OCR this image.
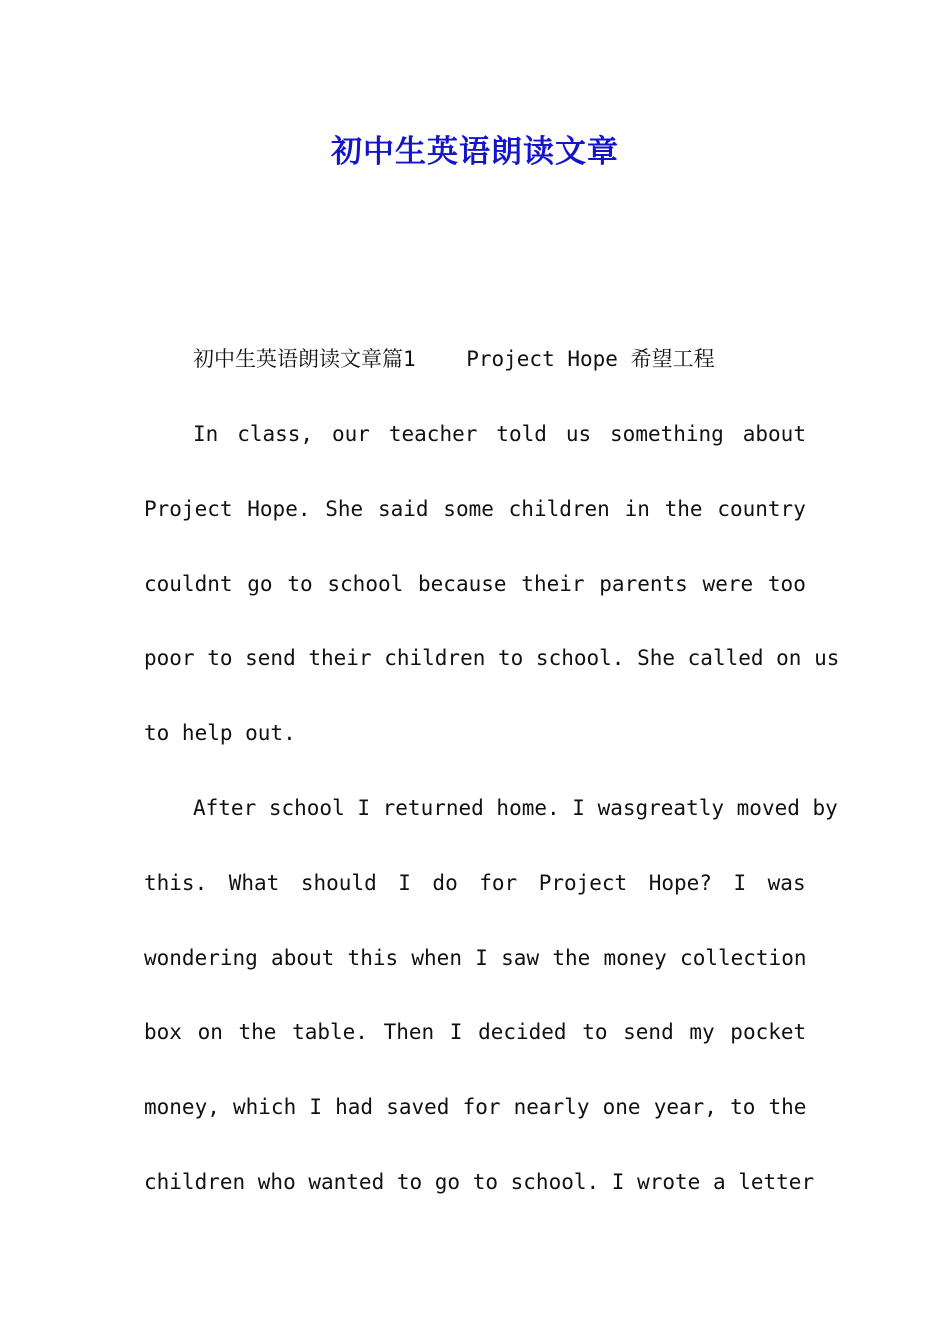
初中生英语朗读文章
初中生英语朗读文章篇1    Project Hope 希望工程
In class, our teacher told us something about
Project Hope. She said some children in the country
couldnt go to school because their parents were too
poor to send their children to school. She called on us
to help out.
After school I returned home. I wasgreatly moved by
this. What should I do for Project Hope? I was
wondering about this when I saw the money collection
box on the table. Then I decided to send my pocket
money, which I had saved for nearly one year, to the
children who wanted to go to school. I wrote a letter
